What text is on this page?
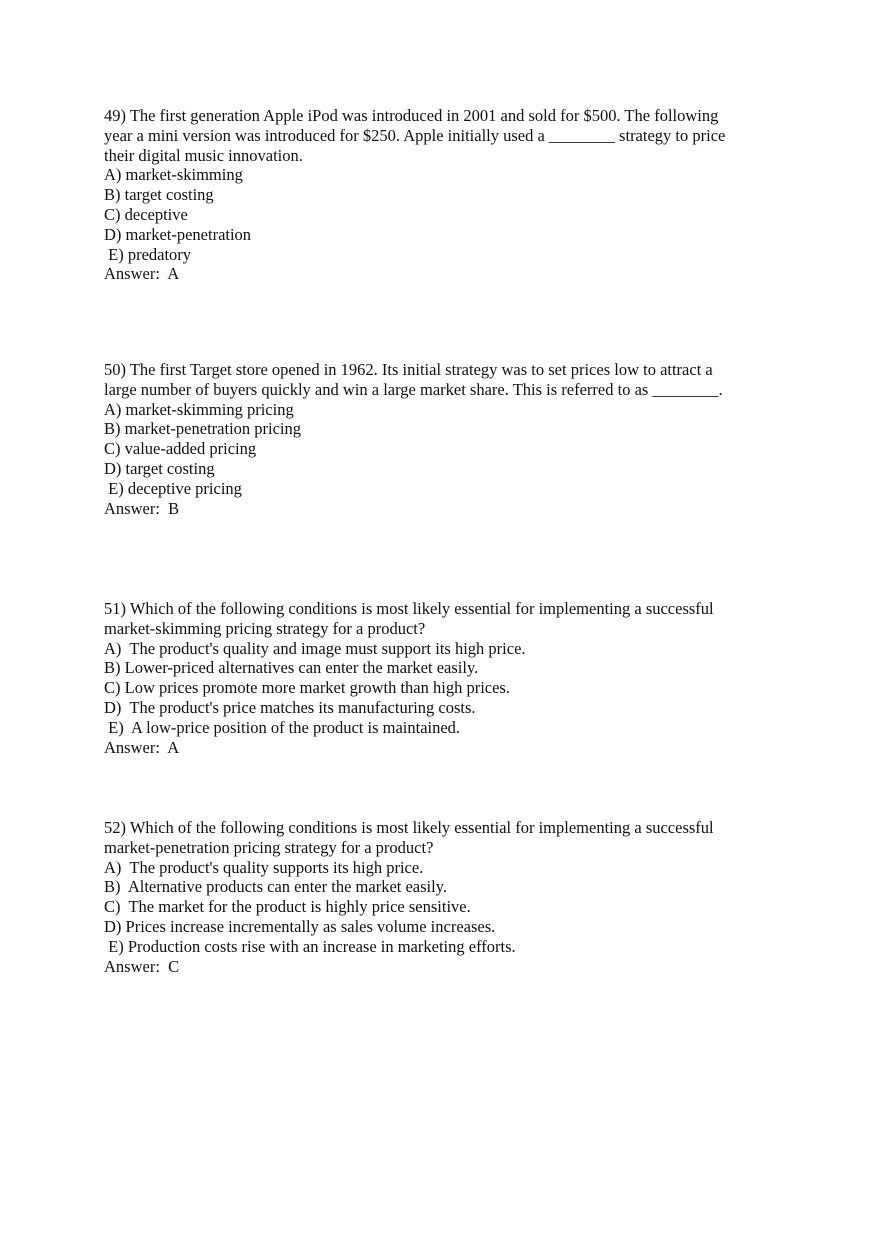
49) The first generation Apple iPod was introduced in 2001 and sold for $500. The following
year a mini version was introduced for $250. Apple initially used a ________ strategy to price
their digital music innovation.
A) market-skimming
B) target costing
C) deceptive
D) market-penetration
E) predatory
Answer:  A
50) The first Target store opened in 1962. Its initial strategy was to set prices low to attract a
large number of buyers quickly and win a large market share. This is referred to as ________.
A) market-skimming pricing
B) market-penetration pricing
C) value-added pricing
D) target costing
E) deceptive pricing
Answer:  B
51) Which of the following conditions is most likely essential for implementing a successful
market-skimming pricing strategy for a product?
A)  The product's quality and image must support its high price.
B) Lower-priced alternatives can enter the market easily.
C) Low prices promote more market growth than high prices.
D)  The product's price matches its manufacturing costs.
E)  A low-price position of the product is maintained.
Answer:  A
52) Which of the following conditions is most likely essential for implementing a successful
market-penetration pricing strategy for a product?
A)  The product's quality supports its high price.
B)  Alternative products can enter the market easily.
C)  The market for the product is highly price sensitive.
D) Prices increase incrementally as sales volume increases.
E) Production costs rise with an increase in marketing efforts.
Answer:  C
